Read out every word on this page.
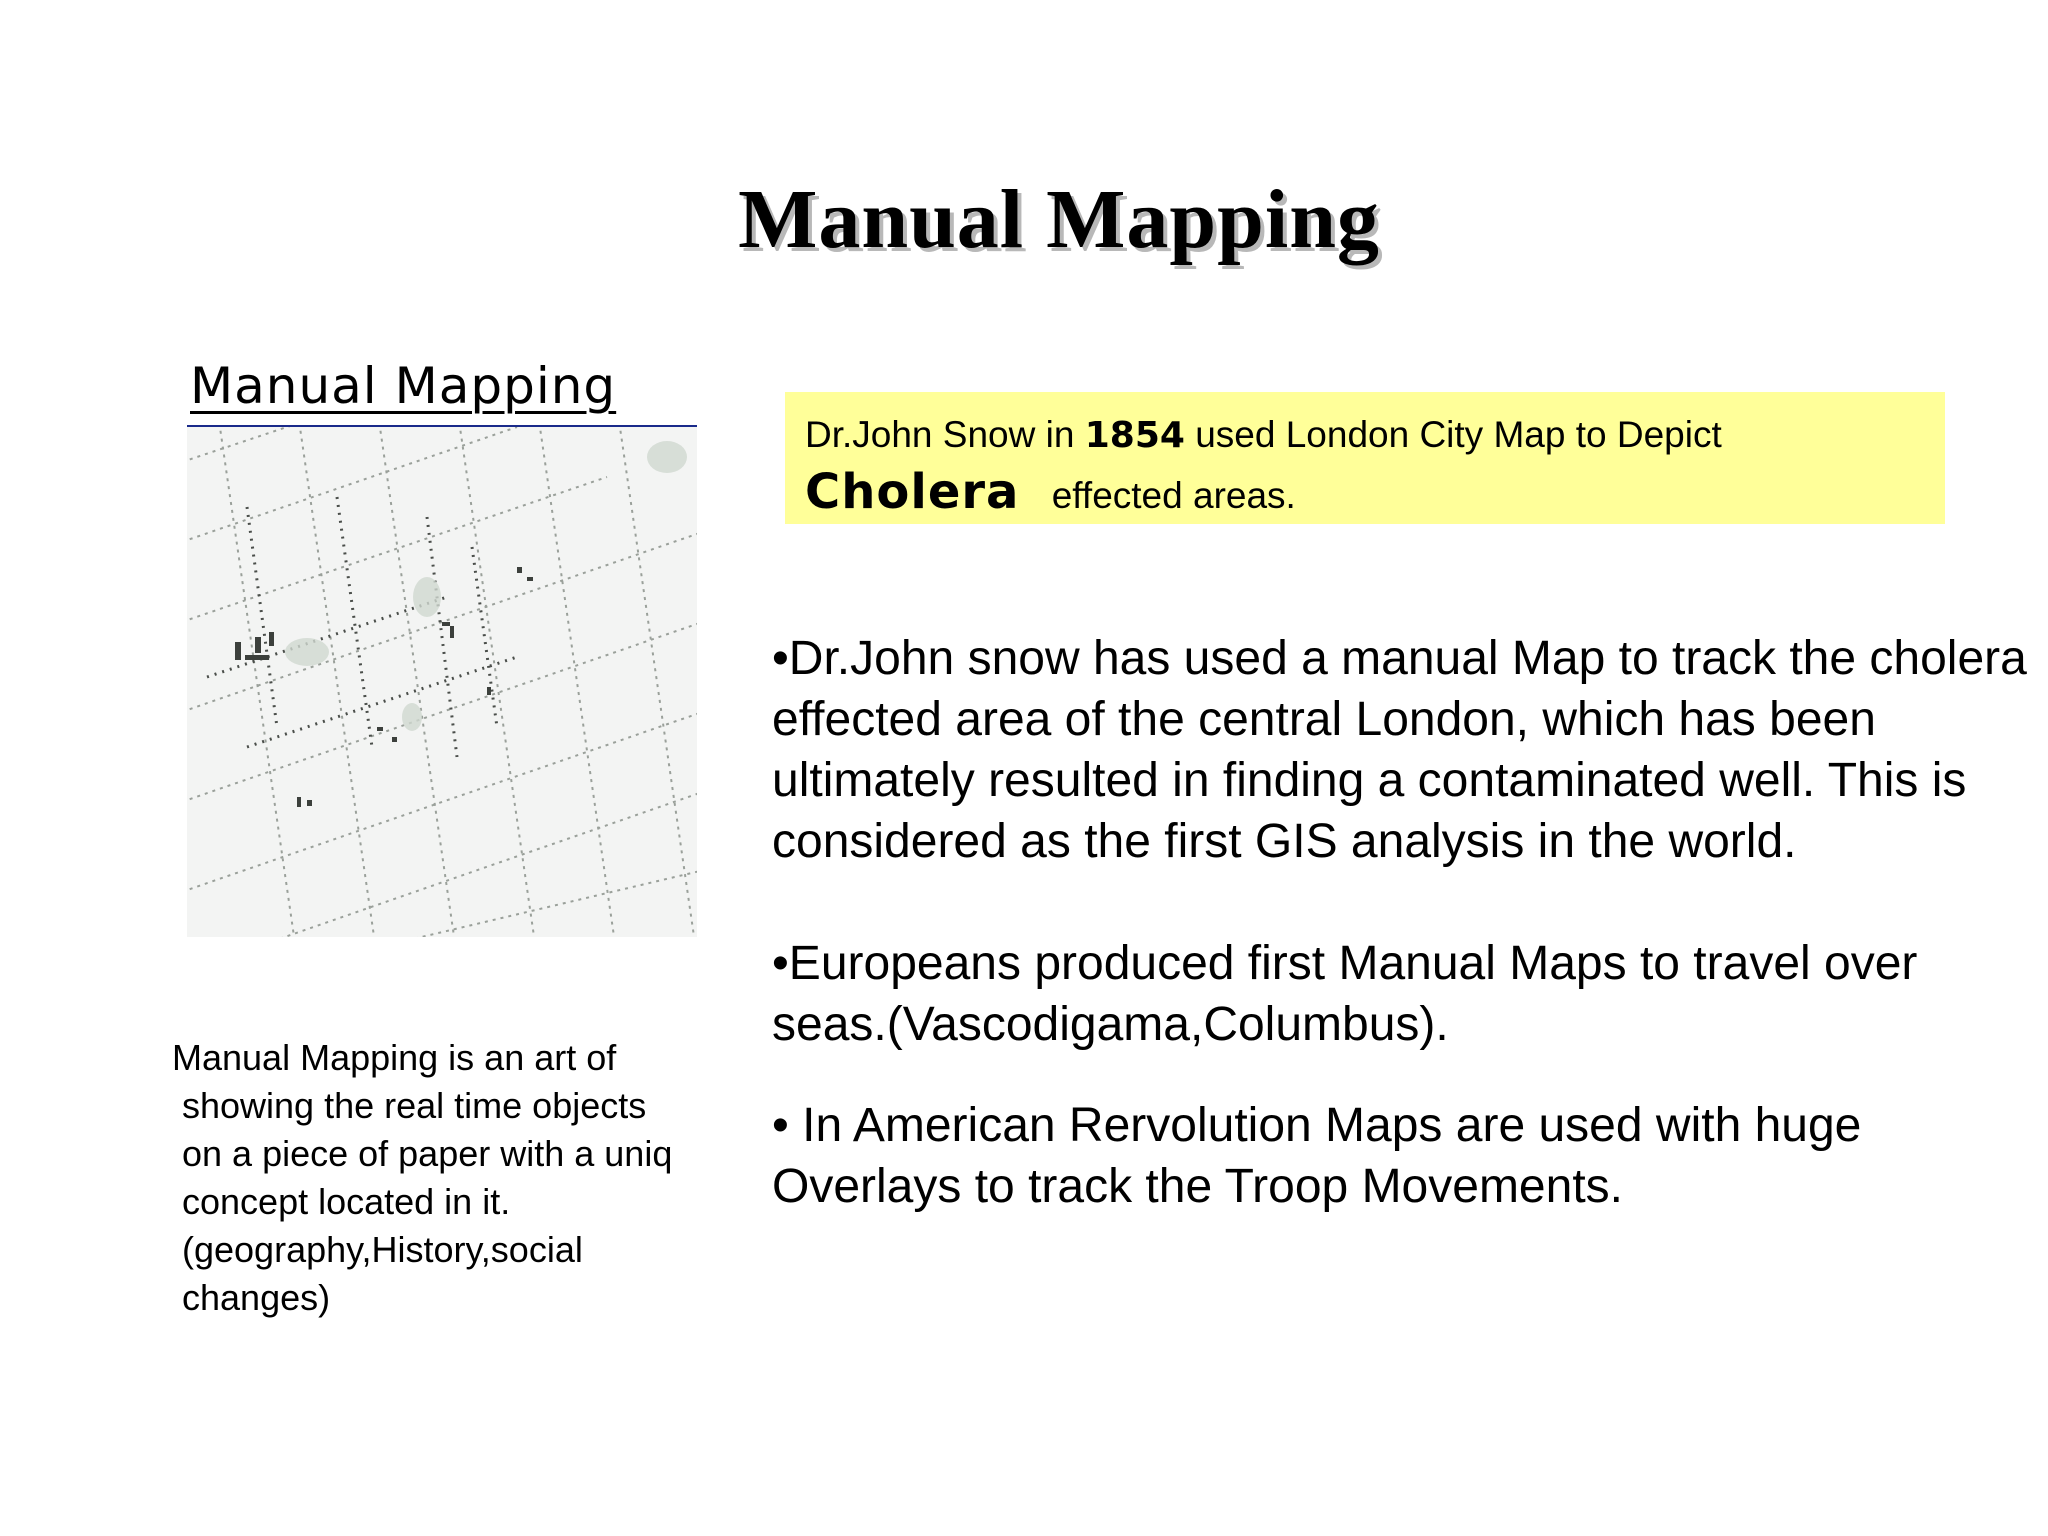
Manual Mapping
Manual Mapping
Dr.John Snow in 1854 used London City Map to Depict
Cholera effected areas.

•Dr.John snow has used a manual Map to track the cholera effected area of the central London, which has been ultimately resulted in finding a contaminated well. This is considered as the first GIS analysis in the world.

•Europeans produced first Manual Maps to travel over seas.(Vascodigama,Columbus).

• In American Rervolution Maps are used with huge Overlays to track the Troop Movements.

Manual Mapping is an art of
showing the real time objects
on a piece of paper with a uniq
concept located in it.
(geography,History,social
changes)
